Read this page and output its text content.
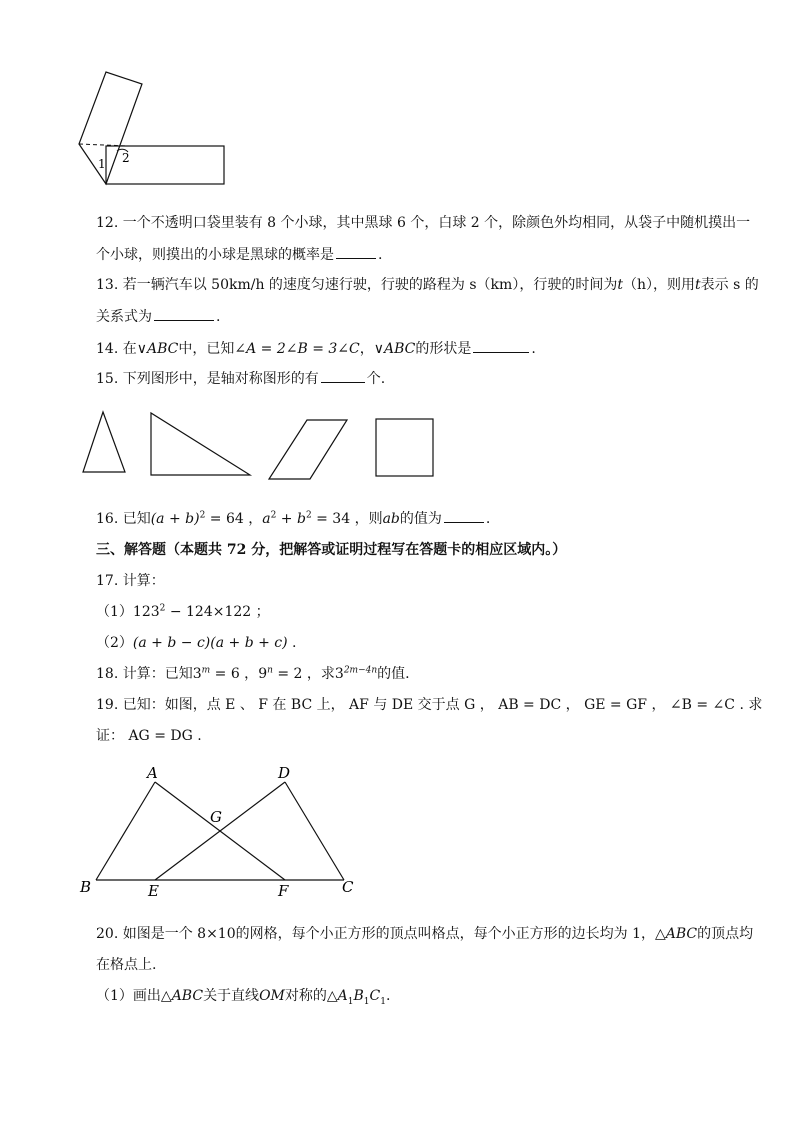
1 2
12. 一个不透明口袋里装有 8 个小球，其中黑球 6 个，白球 2 个，除颜色外均相同，从袋子中随机摸出一
个小球，则摸出的小球是黑球的概率是	.
13. 若一辆汽车以 50km/h 的速度匀速行驶，行驶的路程为 s（km），行驶的时间为t（h），则用t表示 s 的
关系式为	.
14. 在∨ABC中，已知∠A = 2∠B = 3∠C，∨ABC的形状是	.
15. 下列图形中，是轴对称图形的有	个.
16. 已知$(a + b)^2 = 64$ ，$a^2 + b^2 = 34$ ，则ab的值为	.
三、解答题（本题共 72 分，把解答或证明过程写在答题卡的相应区域内。）
17. 计算：
$(1)123^2 - 124\times 122$ ；
（2）(a + b − c)(a + b + c) .
18. 计算：已知$3^m = 6$ ，$9^n = 2$ ，求$3^{2m-4n}$的值.
19. 已知：如图，点 E 、 F 在 BC 上， AF 与 DE 交于点 G ， AB = DC ， GE = GF ， ∠B = ∠C . 求
证： AG = DG .
A	D
G
B	E	F	C
20. 如图是一个 8×10的网格，每个小正方形的顶点叫格点，每个小正方形的边长均为 1，△ABC的顶点均
在格点上.
（1）画出△ABC关于直线OM对称的$\triangle A_1B_1C_1$.
